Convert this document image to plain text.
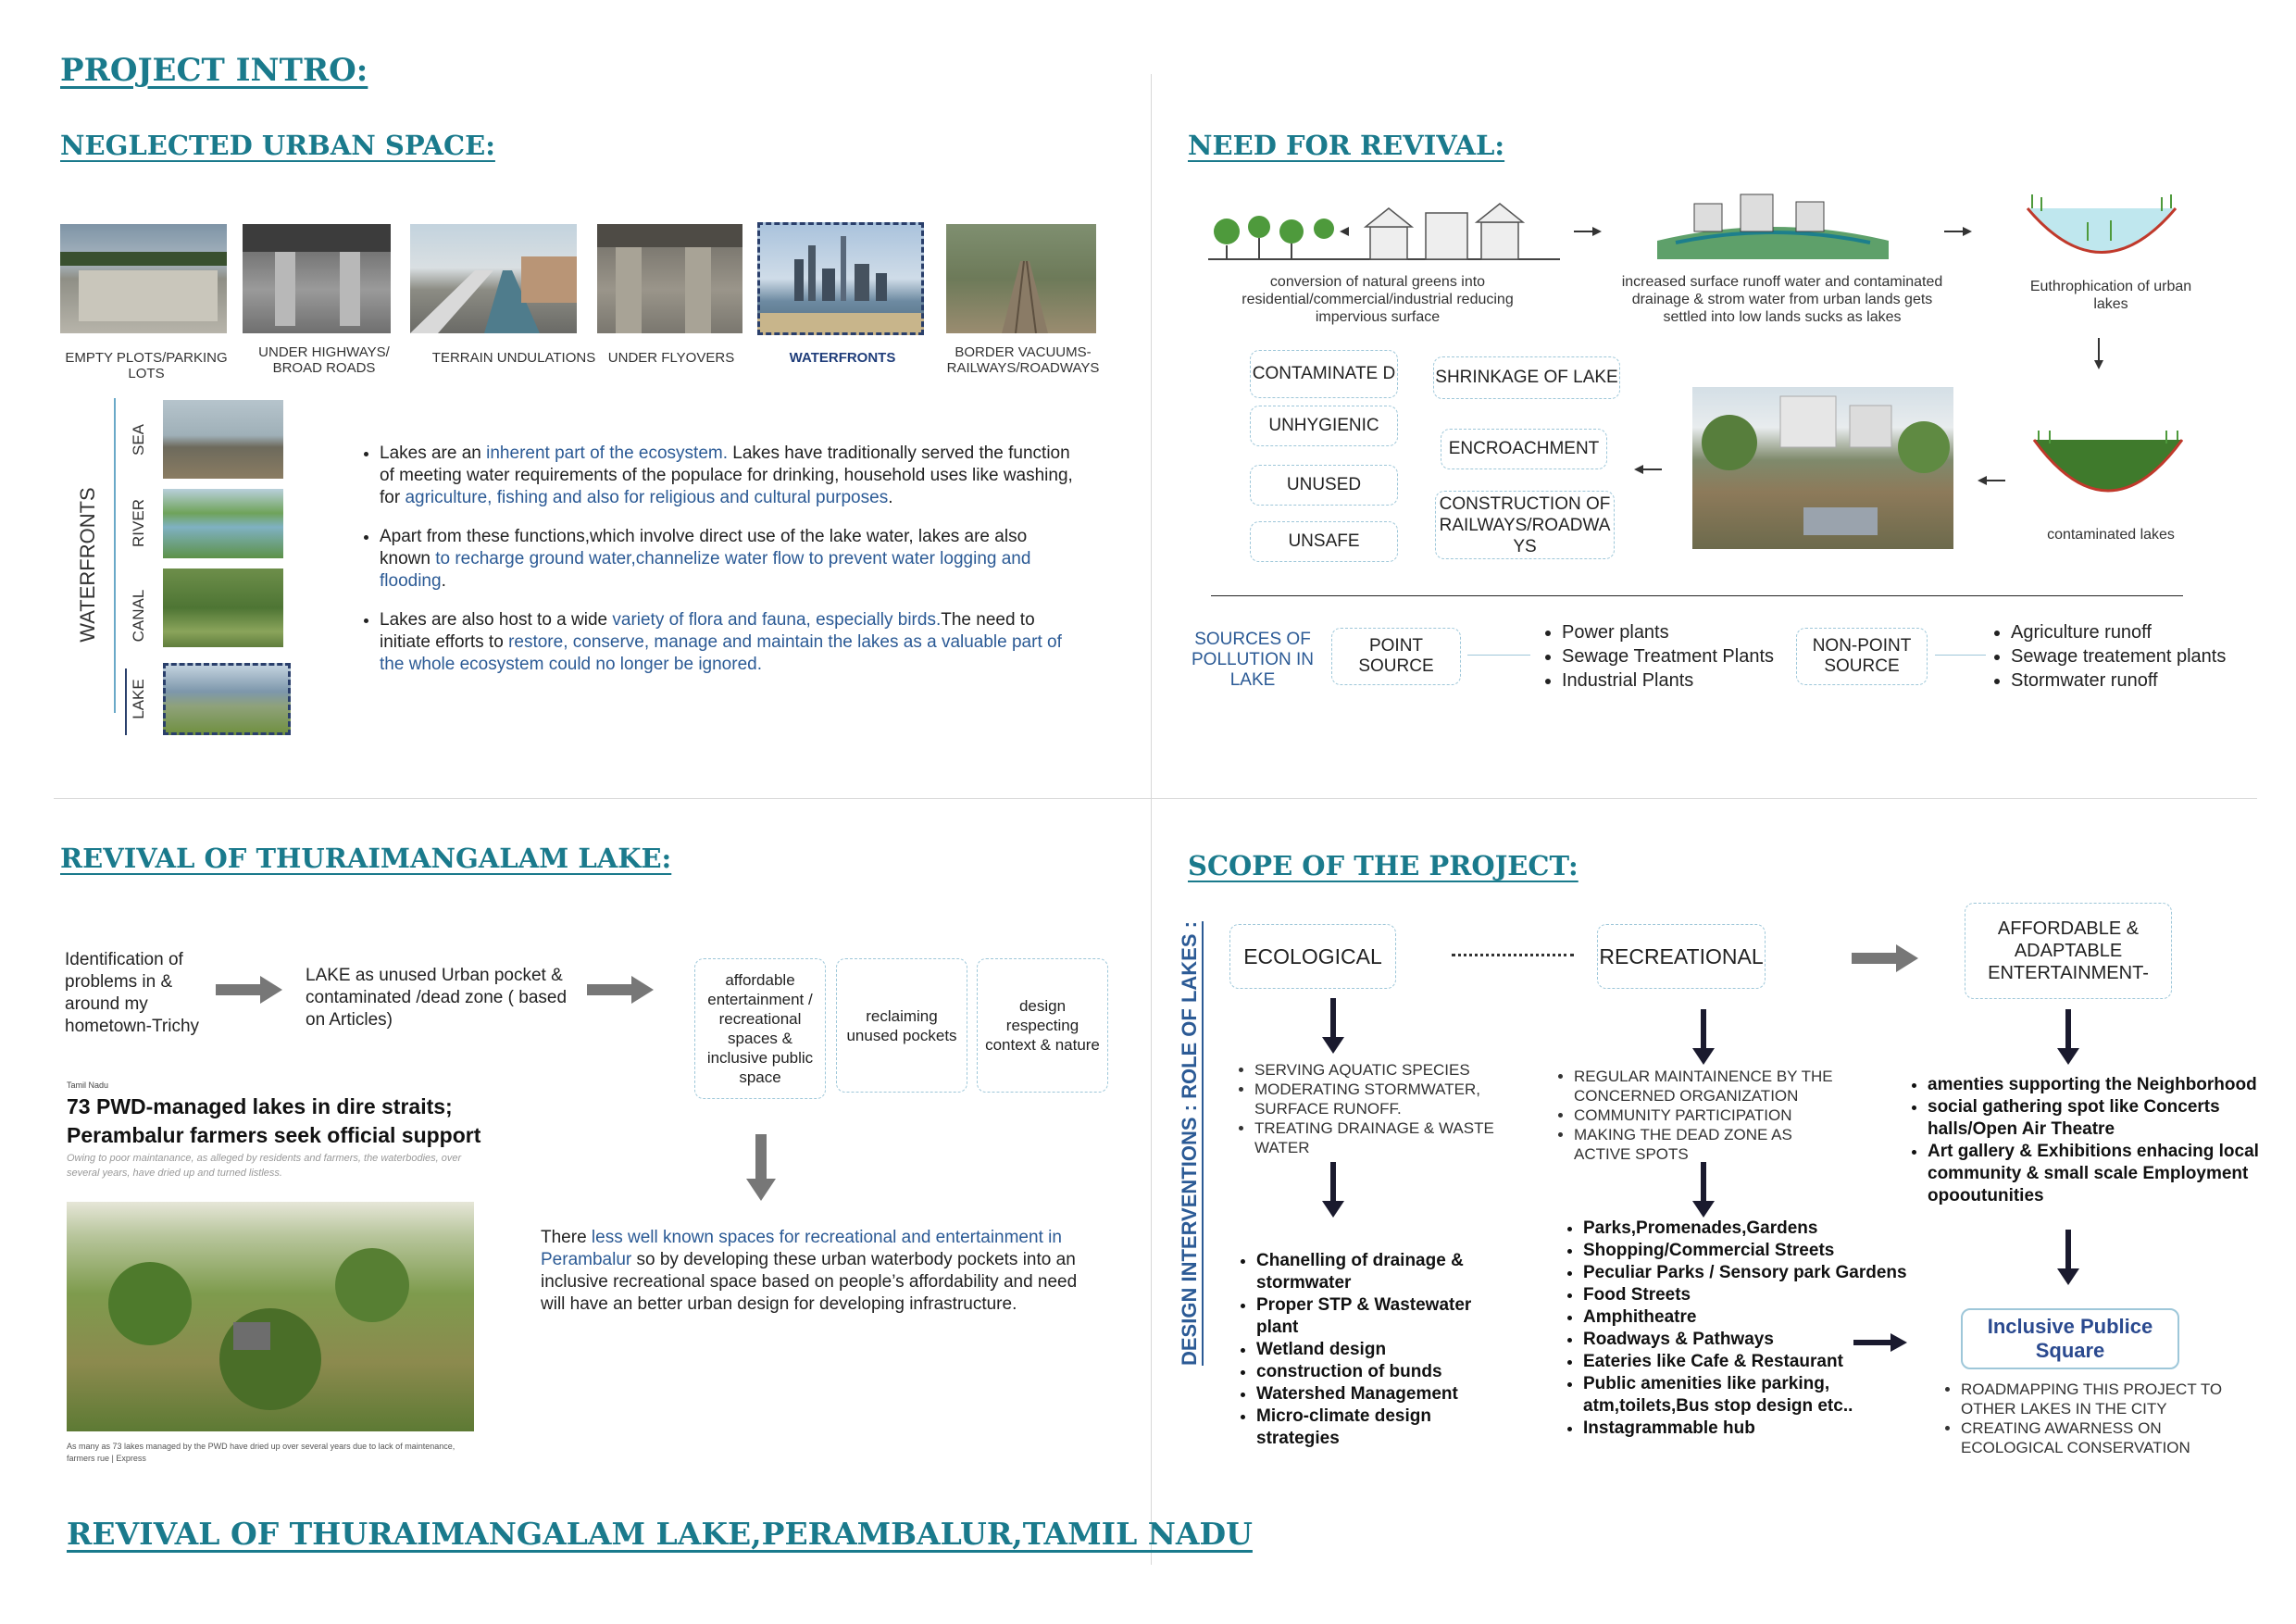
PROJECT INTRO:
NEGLECTED URBAN SPACE:	NEED FOR REVIVAL:
REVIVAL OF THURAIMANGALAM LAKE:	SCOPE OF THE PROJECT:
REVIVAL OF THURAIMANGALAM LAKE,PERAMBALUR,TAMIL NADU
EMPTY PLOTS/PARKING LOTS
UNDER HIGHWAYS/ BROAD ROADS
TERRAIN UNDULATIONS UNDER FLYOVERS	WATERFRONTS	BORDER VACUUMS- RAILWAYS/ROADWAYS
WATERFRONTS
SEA
RIVER
CANAL
LAKE
• Lakes are an inherent part of the ecosystem. Lakes have traditionally served the function of meeting water requirements of the populace for drinking, household uses like washing, for agriculture, fishing and also for religious and cultural purposes.
• Apart from these functions,which involve direct use of the lake water, lakes are also known to recharge ground water,channelize water flow to prevent water logging and flooding.
• Lakes are also host to a wide variety of flora and fauna, especially birds.The need to initiate efforts to restore, conserve, manage and maintain the lakes as a valuable part of the whole ecosystem could no longer be ignored.
conversion of natural greens into residential/commercial/industrial reducing impervious surface
increased surface runoff water and contaminated drainage & strom water from urban lands gets settled into low lands sucks as lakes
Euthrophication of urban lakes
contaminated lakes
CONTAMINATE D
UNHYGIENIC
UNUSED
UNSAFE
SHRINKAGE OF LAKE
ENCROACHMENT
CONSTRUCTION OF RAILWAYS/ROADWA YS
SOURCES OF POLLUTION IN LAKE
POINT SOURCE
• Power plants
• Sewage Treatment Plants
• Industrial Plants
NON-POINT SOURCE
• Agriculture runoff
• Sewage treatement plants
• Stormwater runoff
Identification of problems in & around my hometown-Trichy
LAKE as unused Urban pocket & contaminated /dead zone ( based on Articles)
affordable entertainment / recreational spaces & inclusive public space
reclaiming unused pockets
design respecting context & nature
Tamil Nadu
73 PWD-managed lakes in dire straits; Perambalur farmers seek official support
Owing to poor maintanance, as alleged by residents and farmers, the waterbodies, over several years, have dried up and turned listless.
As many as 73 lakes managed by the PWD have dried up over several years due to lack of maintenance, farmers rue | Express
There less well known spaces for recreational and entertainment in Perambalur so by developing these urban waterbody pockets into an inclusive recreational space based on people’s affordability and need will have an better urban design for developing infrastructure.	DESIGN INTERVENTIONS : ROLE OF LAKES :	ECOLOGICAL	RECREATIONAL
AFFORDABLE & ADAPTABLE ENTERTAINMENT-
• SERVING AQUATIC SPECIES
• MODERATING STORMWATER, SURFACE RUNOFF.
• TREATING DRAINAGE & WASTE WATER
• REGULAR MAINTAINENCE BY THE CONCERNED ORGANIZATION
• COMMUNITY PARTICIPATION
• MAKING THE DEAD ZONE AS ACTIVE SPOTS
• amenties supporting the Neighborhood
• social gathering spot like Concerts halls/Open Air Theatre
• Art gallery & Exhibitions enhacing local community & small scale Employment opooutunities
• Chanelling of drainage & stormwater
• Proper STP & Wastewater plant
• Wetland design
• construction of bunds
• Watershed Management
• Micro-climate design strategies
• Parks,Promenades,Gardens
• Shopping/Commercial Streets
• Peculiar Parks / Sensory park Gardens
• Food Streets
• Amphitheatre
• Roadways & Pathways
• Eateries like Cafe & Restaurant
• Public amenities like parking, atm,toilets,Bus stop design etc..
• Instagrammable hub
Inclusive Publice Square
• ROADMAPPING THIS PROJECT TO OTHER LAKES IN THE CITY
• CREATING AWARNESS ON ECOLOGICAL CONSERVATION
